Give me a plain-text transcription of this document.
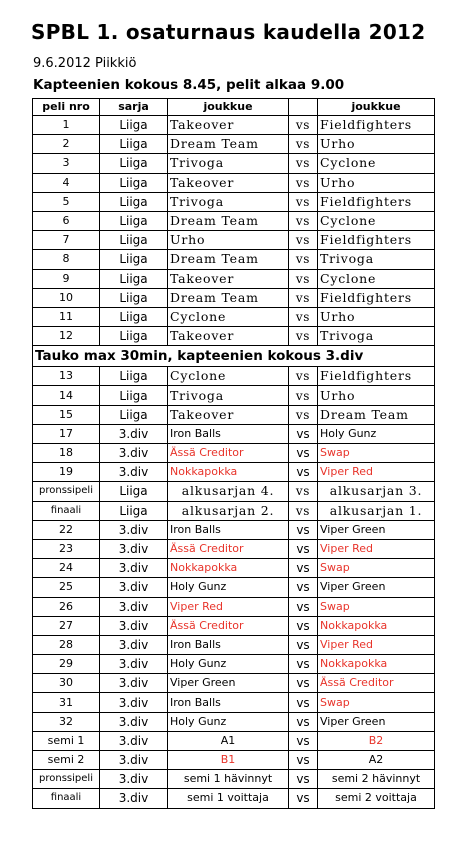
SPBL 1. osaturnaus kaudella 2012
9.6.2012 Piikkiö
Kapteenien kokous 8.45, pelit alkaa 9.00
peli nro	sarja	joukkue		joukkue
1	Liiga	Takeover	vs	Fieldfighters
2	Liiga	Dream Team	vs	Urho
3	Liiga	Trivoga	vs	Cyclone
4	Liiga	Takeover	vs	Urho
5	Liiga	Trivoga	vs	Fieldfighters
6	Liiga	Dream Team	vs	Cyclone
7	Liiga	Urho	vs	Fieldfighters
8	Liiga	Dream Team	vs	Trivoga
9	Liiga	Takeover	vs	Cyclone
10	Liiga	Dream Team	vs	Fieldfighters
11	Liiga	Cyclone	vs	Urho
12	Liiga	Takeover	vs	Trivoga
Tauko max 30min, kapteenien kokous 3.div				
13	Liiga	Cyclone	vs	Fieldfighters
14	Liiga	Trivoga	vs	Urho
15	Liiga	Takeover	vs	Dream Team
17	3.div	Iron Balls	vs	Holy Gunz
18	3.div	Ässä Creditor	vs	Swap
19	3.div	Nokkapokka	vs	Viper Red
pronssipeli	Liiga	alkusarjan 4.	vs	alkusarjan 3.
finaali	Liiga	alkusarjan 2.	vs	alkusarjan 1.
22	3.div	Iron Balls	vs	Viper Green
23	3.div	Ässä Creditor	vs	Viper Red
24	3.div	Nokkapokka	vs	Swap
25	3.div	Holy Gunz	vs	Viper Green
26	3.div	Viper Red	vs	Swap
27	3.div	Ässä Creditor	vs	Nokkapokka
28	3.div	Iron Balls	vs	Viper Red
29	3.div	Holy Gunz	vs	Nokkapokka
30	3.div	Viper Green	vs	Ässä Creditor
31	3.div	Iron Balls	vs	Swap
32	3.div	Holy Gunz	vs	Viper Green
semi 1	3.div	A1	vs	B2
semi 2	3.div	B1	vs	A2
pronssipeli	3.div	semi 1 hävinnyt	vs	semi 2 hävinnyt
finaali	3.div	semi 1 voittaja	vs	semi 2 voittaja
